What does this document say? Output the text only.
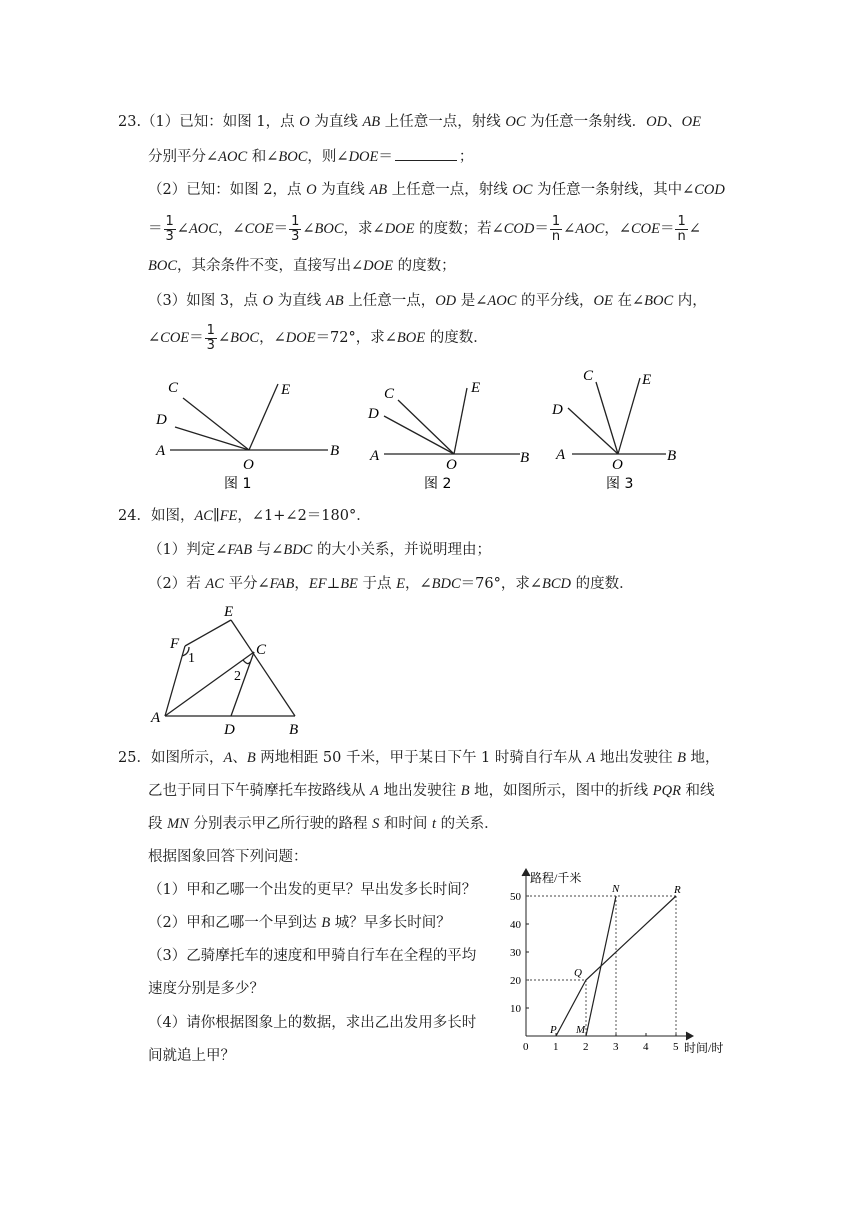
23.（1）已知：如图 1，点 O 为直线 AB 上任意一点，射线 OC 为任意一条射线．OD、OE
分别平分∠AOC 和∠BOC，则∠DOE＝	；
（2）已知：如图 2，点 O 为直线 AB 上任意一点，射线 OC 为任意一条射线，其中∠COD
＝ $\frac{1}{3}$ ∠AOC，∠COE＝ $\frac{1}{3}$ ∠BOC，求∠DOE 的度数；若∠COD＝ $\frac{1}{n}$ ∠AOC，∠COE＝ $\frac{1}{n}$ ∠
BOC，其余条件不变，直接写出∠DOE 的度数；
（3）如图 3，点 O 为直线 AB 上任意一点，OD 是∠AOC 的平分线，OE 在∠BOC 内，
∠COE＝ $\frac{1}{3}$ ∠BOC，∠DOE＝72°，求∠BOE 的度数．
C
D
E
A	B
O
图 1
C
D
E
A	B
O
图 2
C
D
E
A	B
O
图 3
24．如图，AC∥FE，∠1+∠2＝180°．
（1）判定∠FAB 与∠BDC 的大小关系，并说明理由；
（2）若 AC 平分∠FAB，EF⊥BE 于点 E，∠BDC＝76°，求∠BCD 的度数．
E
F
1
C
2
A
D	B
25．如图所示，A、B 两地相距 50 千米，甲于某日下午 1 时骑自行车从 A 地出发驶往 B 地，
乙也于同日下午骑摩托车按路线从 A 地出发驶往 B 地，如图所示，图中的折线 PQR 和线
段 MN 分别表示甲乙所行驶的路程 S 和时间 t 的关系．
根据图象回答下列问题：
（1）甲和乙哪一个出发的更早？早出发多长时间？
（2）甲和乙哪一个早到达 B 城？早多长时间？
（3）乙骑摩托车的速度和甲骑自行车在全程的平均
速度分别是多少？
（4）请你根据图象上的数据，求出乙出发用多长时
间就追上甲？
路程/千米
时间/时
0 1 2 3 4 5
10
20
30
40
50
P
Q
R
M
N
